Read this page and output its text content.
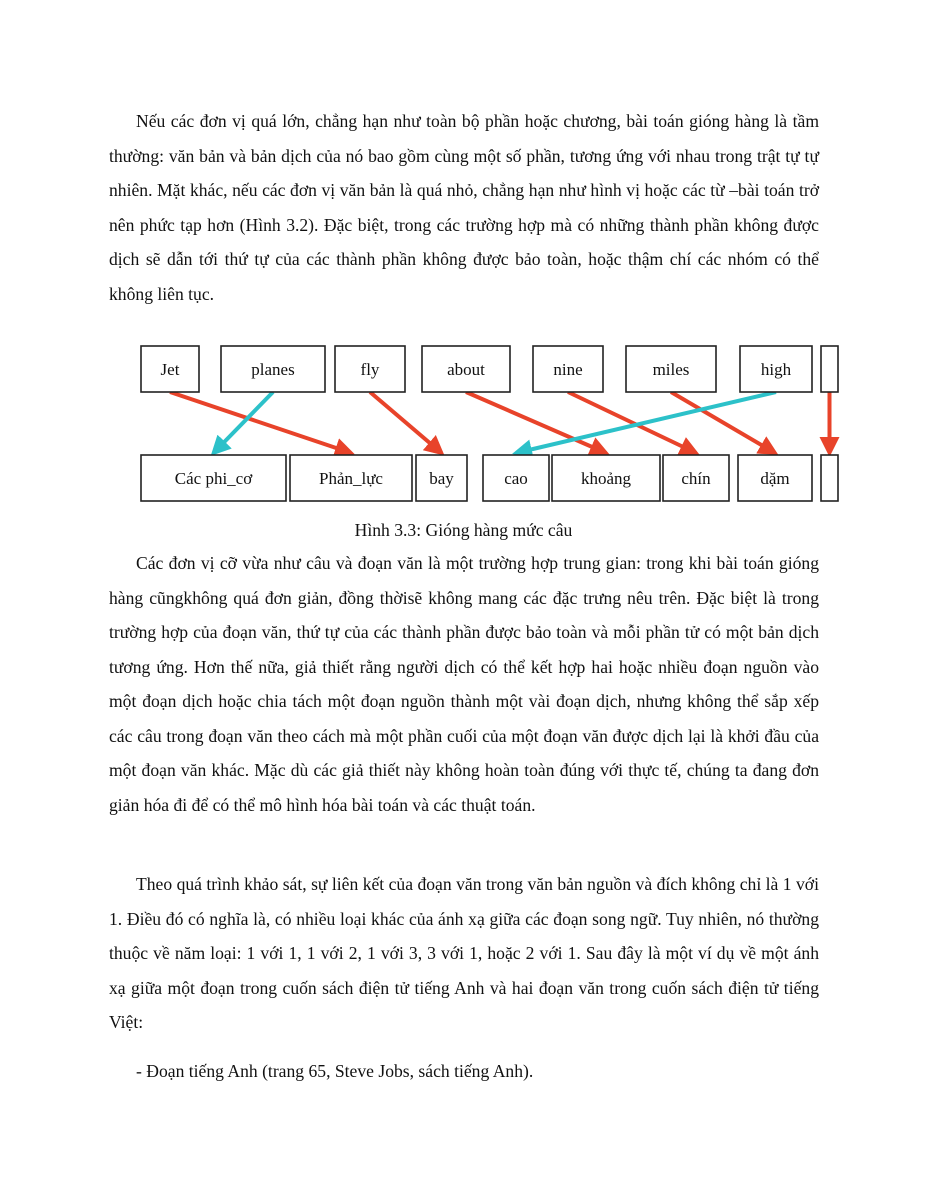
Nếu các đơn vị quá lớn, chẳng hạn như toàn bộ phần hoặc chương, bài toán gióng hàng là tầm thường: văn bản và bản dịch của nó bao gồm cùng một số phần, tương ứng với nhau trong trật tự tự nhiên. Mặt khác, nếu các đơn vị văn bản là quá nhỏ, chẳng hạn như hình vị hoặc các từ –bài toán trở nên phức tạp hơn (Hình 3.2). Đặc biệt, trong các trường hợp mà có những thành phần không được dịch sẽ dẫn tới thứ tự của các thành phần không được bảo toàn, hoặc thậm chí các nhóm có thể không liên tục.

Jet	planes	fly	about	nine	miles	high
Các phi_cơ	Phản_lực	bay	cao	khoảng	chín	dặm

Hình 3.3: Gióng hàng mức câu

Các đơn vị cỡ vừa như câu và đoạn văn là một trường hợp trung gian: trong khi bài toán gióng hàng cũngkhông quá đơn giản, đồng thờisẽ không mang các đặc trưng nêu trên. Đặc biệt là trong trường hợp của đoạn văn, thứ tự của các thành phần được bảo toàn và mỗi phần tử có một bản dịch tương ứng. Hơn thế nữa, giả thiết rằng người dịch có thể kết hợp hai hoặc nhiều đoạn nguồn vào một đoạn dịch hoặc chia tách một đoạn nguồn thành một vài đoạn dịch, nhưng không thể sắp xếp các câu trong đoạn văn theo cách mà một phần cuối của một đoạn văn được dịch lại là khởi đầu của một đoạn văn khác. Mặc dù các giả thiết này không hoàn toàn đúng với thực tế, chúng ta đang đơn giản hóa đi để có thể mô hình hóa bài toán và các thuật toán.

Theo quá trình khảo sát, sự liên kết của đoạn văn trong văn bản nguồn và đích không chỉ là 1 với 1. Điều đó có nghĩa là, có nhiều loại khác của ánh xạ giữa các đoạn song ngữ. Tuy nhiên, nó thường thuộc về năm loại: 1 với 1, 1 với 2, 1 với 3, 3 với 1, hoặc 2 với 1. Sau đây là một ví dụ về một ánh xạ giữa một đoạn trong cuốn sách điện tử tiếng Anh và hai đoạn văn trong cuốn sách điện tử tiếng Việt:

- Đoạn tiếng Anh (trang 65, Steve Jobs, sách tiếng Anh).
